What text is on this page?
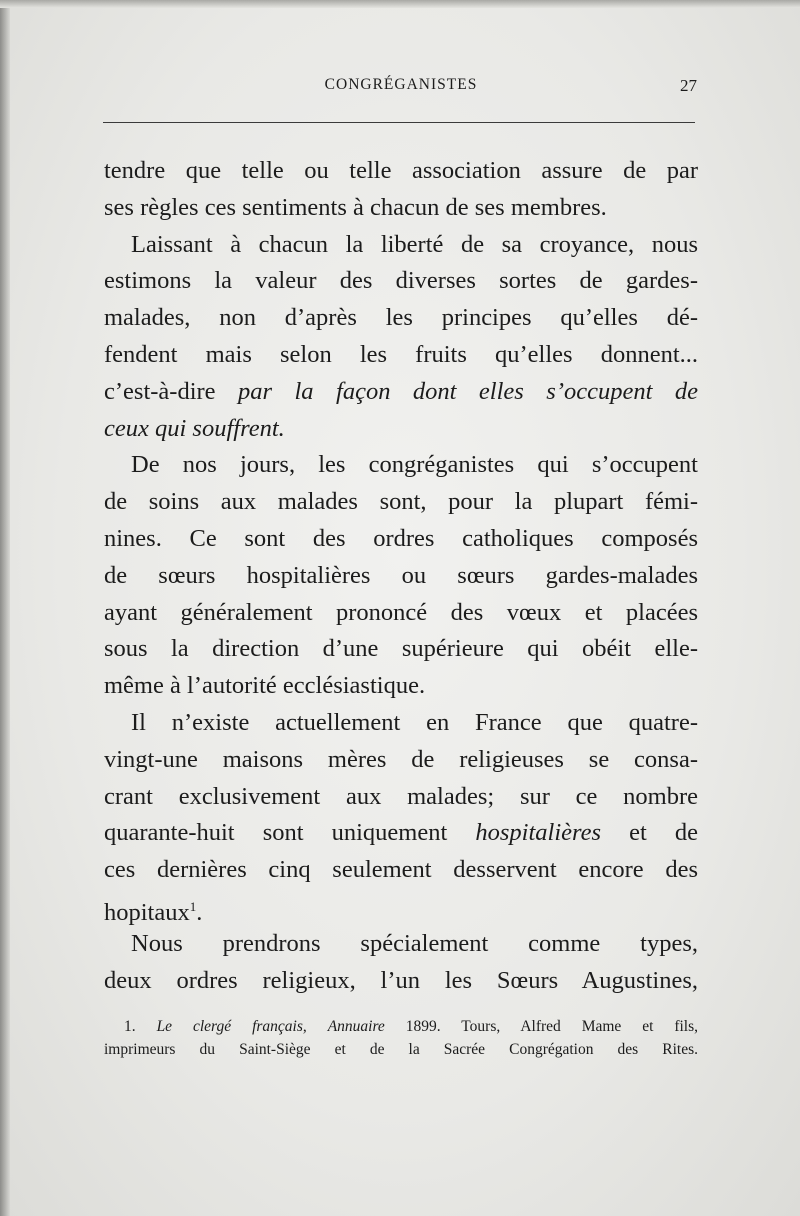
CONGRÉGANISTES	27
tendre que telle ou telle association assure de par
ses règles ces sentiments à chacun de ses membres.
Laissant à chacun la liberté de sa croyance, nous
estimons la valeur des diverses sortes de gardes-
malades, non d’après les principes qu’elles dé-
fendent mais selon les fruits qu’elles donnent...
c’est-à-dire par la façon dont elles s’occupent de
ceux qui souffrent.
De nos jours, les congréganistes qui s’occupent
de soins aux malades sont, pour la plupart fémi-
nines. Ce sont des ordres catholiques composés
de sœurs hospitalières ou sœurs gardes-malades
ayant généralement prononcé des vœux et placées
sous la direction d’une supérieure qui obéit elle-
même à l’autorité ecclésiastique.
Il n’existe actuellement en France que quatre-
vingt-une maisons mères de religieuses se consa-
crant exclusivement aux malades; sur ce nombre
quarante-huit sont uniquement hospitalières et de
ces dernières cinq seulement desservent encore des
hopitaux$^1$.
Nous prendrons spécialement comme types,
deux ordres religieux, l’un les Sœurs Augustines,
1. Le clergé français, Annuaire 1899. Tours, Alfred Mame et fils,
imprimeurs du Saint-Siège et de la Sacrée Congrégation des Rites.
